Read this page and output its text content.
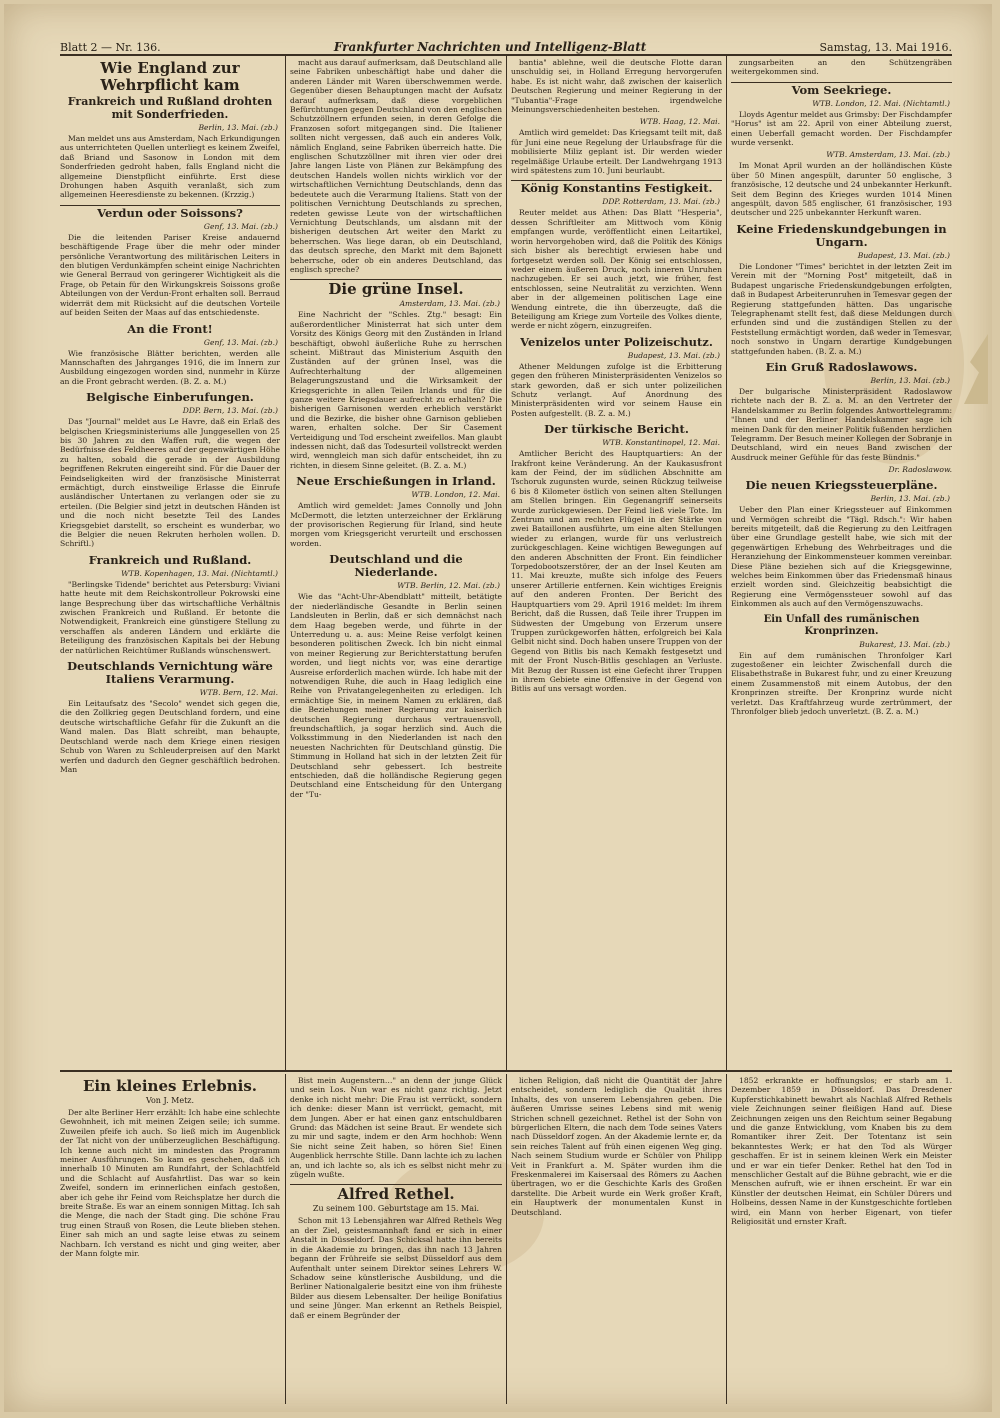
Blatt 2 — Nr. 136.	Frankfurter Nachrichten und Intelligenz-Blatt	Samstag, 13. Mai 1916.
Wie England zur Wehrpflicht kam
Frankreich und Rußland drohten mit Sonderfrieden.
Berlin, 13. Mai. (zb.)

Man meldet uns aus Amsterdam, Nach Erkundigungen aus unterrichteten Quellen unterliegt es keinem Zweifel, daß Briand und Sasonow in London mit dem Sonderfrieden gedroht haben, falls England nicht die allgemeine Dienstpflicht einführte. Erst diese Drohungen haben Asquith veranlaßt, sich zum allgemeinen Heeresdienste zu bekennen. (Krzzig.)

Verdun oder Soissons?
Genf, 13. Mai. (zb.)

Die die leitenden Pariser Kreise andauernd beschäftigende Frage über die mehr oder minder persönliche Verantwortung des militärischen Leiters in den blutigen Verdunkämpfen scheint einige Nachrichten wie General Berraud von geringerer Wichtigkeit als die Frage, ob Petain für den Wirkungskreis Soissons große Abteilungen von der Verdun-Front erhalten soll. Berraud widerrät dem mit Rücksicht auf die deutschen Vorteile auf beiden Seiten der Maas auf das entschiedenste.

An die Front!
Genf, 13. Mai. (zb.)

Wie französische Blätter berichten, werden alle Mannschaften des Jahrganges 1916, die im Innern zur Ausbildung eingezogen worden sind, nunmehr in Kürze an die Front gebracht werden. (B. Z. a. M.)

Belgische Einberufungen.
DDP. Bern, 13. Mai. (zb.)

Das "Journal" meldet aus Le Havre, daß ein Erlaß des belgischen Kriegsministeriums alle Junggesellen von 25 bis 30 Jahren zu den Waffen ruft, die wegen der Bedürfnisse des Feldheeres auf der gegenwärtigen Höhe zu halten, sobald die gerade in der Ausbildung begriffenen Rekruten eingereiht sind. Für die Dauer der Feindseligkeiten wird der französische Ministerrat ermächtigt, durch einstweilige Erlasse die Einrufe ausländischer Untertanen zu verlangen oder sie zu erteilen. (Die Belgier sind jetzt in deutschen Händen ist und die noch nicht besetzte Teil des Landes Kriegsgebiet darstellt, so erscheint es wunderbar, wo die Belgier die neuen Rekruten herholen wollen. D. Schriftl.)

Frankreich und Rußland.
WTB. Kopenhagen, 13. Mai. (Nichtamtl.)

"Berlingske Tidende" berichtet aus Petersburg: Viviani hatte heute mit dem Reichskontrolleur Pokrowski eine lange Besprechung über das wirtschaftliche Verhältnis zwischen Frankreich und Rußland. Er betonte die Notwendigkeit, Frankreich eine günstigere Stellung zu verschaffen als anderen Ländern und erklärte die Beteiligung des französischen Kapitals bei der Hebung der natürlichen Reichtümer Rußlands wünschenswert.

Deutschlands Vernichtung wäre Italiens Verarmung.
WTB. Bern, 12. Mai.

Ein Leitaufsatz des "Secolo" wendet sich gegen die, die den Zollkrieg gegen Deutschland fordern, und eine deutsche wirtschaftliche Gefahr für die Zukunft an die Wand malen. Das Blatt schreibt, man behaupte, Deutschland werde nach dem Kriege einen riesigen Schub von Waren zu Schleuderpreisen auf den Markt werfen und dadurch den Gegner geschäftlich bedrohen. Man

macht aus darauf aufmerksam, daß Deutschland alle seine Fabriken unbeschäftigt habe und daher die anderen Länder mit Waren überschwemmen werde. Gegenüber diesen Behauptungen macht der Aufsatz darauf aufmerksam, daß diese vorgeblichen Befürchtungen gegen Deutschland von den englischen Schutzzöllnern erfunden seien, in deren Gefolge die Franzosen sofort mitgegangen sind. Die Italiener sollten nicht vergessen, daß auch ein anderes Volk, nämlich England, seine Fabriken überreich hatte. Die englischen Schutzzöllner mit ihren vier oder drei Jahre langen Liste von Plänen zur Bekämpfung des deutschen Handels wollen nichts wirklich vor der wirtschaftlichen Vernichtung Deutschlands, denn das bedeutete auch die Verarmung Italiens. Statt von der politischen Vernichtung Deutschlands zu sprechen, redeten gewisse Leute von der wirtschaftlichen Vernichtung Deutschlands, um alsdann mit der bisherigen deutschen Art weiter den Markt zu beherrschen. Was liege daran, ob ein Deutschland, das deutsch spreche, den Markt mit dem Bajonett beherrsche, oder ob ein anderes Deutschland, das englisch spreche?

Die grüne Insel.
Amsterdam, 13. Mai. (zb.)

Eine Nachricht der "Schles. Ztg." besagt: Ein außerordentlicher Ministerrat hat sich unter dem Vorsitz des Königs Georg mit den Zuständen in Irland beschäftigt, obwohl äußerliche Ruhe zu herrschen scheint. Mißtraut das Ministerium Asquith den Zuständen auf der grünen Insel, was die Aufrechterhaltung der allgemeinen Belagerungszustand und die Wirksamkeit der Kriegsgerichte in allen Teilen Irlands und für die ganze weitere Kriegsdauer aufrecht zu erhalten? Die bisherigen Garnisonen werden erheblich verstärkt und die Bezirke, die bisher ohne Garnison geblieben waren, erhalten solche. Der Sir Casement Verteidigung und Tod erscheint zweifellos. Man glaubt indessen nicht, daß das Todesurteil vollstreckt werden wird, wenngleich man sich dafür entscheidet, ihn zu richten, in diesem Sinne geleitet. (B. Z. a. M.)

Neue Erschießungen in Irland.
WTB. London, 12. Mai.

Amtlich wird gemeldet: James Connolly und John McDermott, die letzten unterzeichner der Erklärung der provisorischen Regierung für Irland, sind heute morgen vom Kriegsgericht verurteilt und erschossen worden.

Deutschland und die Niederlande.
WTB. Berlin, 12. Mai. (zb.)

Wie das "Acht-Uhr-Abendblatt" mitteilt, betätigte der niederländische Gesandte in Berlin seinen Landsleuten in Berlin, daß er sich demnächst nach dem Haag begeben werde, und führte in der Unterredung u. a. aus: Meine Reise verfolgt keinen besonderen politischen Zweck. Ich bin nicht einmal von meiner Regierung zur Berichterstattung berufen worden, und liegt nichts vor, was eine derartige Ausreise erforderlich machen würde. Ich habe mit der notwendigen Ruhe, die auch in Haag lediglich eine Reihe von Privatangelegenheiten zu erledigen. Ich ermächtige Sie, in meinem Namen zu erklären, daß die Beziehungen meiner Regierung zur kaiserlich deutschen Regierung durchaus vertrauensvoll, freundschaftlich, ja sogar herzlich sind. Auch die Volksstimmung in den Niederlanden ist nach den neuesten Nachrichten für Deutschland günstig. Die Stimmung in Holland hat sich in der letzten Zeit für Deutschland sehr gebessert. Ich bestreite entschieden, daß die holländische Regierung gegen Deutschland eine Entscheidung für den Untergang der "Tu-

bantia" ablehne, weil die deutsche Flotte daran unschuldig sei, in Holland Erregung hervorgerufen habe. Es ist nicht wahr, daß zwischen der kaiserlich Deutschen Regierung und meiner Regierung in der "Tubantia"-Frage irgendwelche Meinungsverschiedenheiten bestehen.

WTB. Haag, 12. Mai.

Amtlich wird gemeldet: Das Kriegsamt teilt mit, daß für Juni eine neue Regelung der Urlaubsfrage für die mobilisierte Miliz geplant ist. Dir werden wieder regelmäßige Urlaube erteilt. Der Landwehrgang 1913 wird spätestens zum 10. Juni beurlaubt.

König Konstantins Festigkeit.
DDP. Rotterdam, 13. Mai. (zb.)

Reuter meldet aus Athen: Das Blatt "Hesperia", dessen Schriftleiter am Mittwoch vom König empfangen wurde, veröffentlicht einen Leitartikel, worin hervorgehoben wird, daß die Politik des Königs sich bisher als berechtigt erwiesen habe und fortgesetzt werden soll. Der König sei entschlossen, weder einem äußeren Druck, noch inneren Unruhen nachzugeben. Er sei auch jetzt, wie früher, fest entschlossen, seine Neutralität zu verzichten. Wenn aber in der allgemeinen politischen Lage eine Wendung eintrete, die ihn überzeugte, daß die Beteiligung am Kriege zum Vorteile des Volkes diente, werde er nicht zögern, einzugreifen.

Venizelos unter Polizeischutz.
Budapest, 13. Mai. (zb.)

Athener Meldungen zufolge ist die Erbitterung gegen den früheren Ministerpräsidenten Venizelos so stark geworden, daß er sich unter polizeilichen Schutz verlangt. Auf Anordnung des Ministerpräsidenten wird vor seinem Hause ein Posten aufgestellt. (B. Z. a. M.)

Der türkische Bericht.
WTB. Konstantinopel, 12. Mai.

Amtlicher Bericht des Hauptquartiers: An der Irakfront keine Veränderung. An der Kaukasusfront kam der Feind, der im südlichen Abschnitte am Tschoruk zugunsten wurde, seinen Rückzug teilweise 6 bis 8 Kilometer östlich von seinen alten Stellungen am Stellen bringen. Ein Gegenangriff seinerseits wurde zurückgewiesen. Der Feind ließ viele Tote. Im Zentrum und am rechten Flügel in der Stärke von zwei Bataillonen ausführte, um eine alten Stellungen wieder zu erlangen, wurde für uns verlustreich zurückgeschlagen. Keine wichtigen Bewegungen auf den anderen Abschnitten der Front. Ein feindlicher Torpedobootszerstörer, der an der Insel Keuten am 11. Mai kreuzte, mußte sich infolge des Feuers unserer Artillerie entfernen. Kein wichtiges Ereignis auf den anderen Fronten. Der Bericht des Hauptquartiers vom 29. April 1916 meldet: Im ihrem Bericht, daß die Russen, daß Teile ihrer Truppen im Südwesten der Umgebung von Erzerum unsere Truppen zurückgeworfen hätten, erfolgreich bei Kala Gelbit nicht sind. Doch haben unsere Truppen von der Gegend von Bitlis bis nach Kemakh festgesetzt und mit der Front Nusch-Bitlis geschlagen an Verluste. Mit Bezug der Russen ist eine Gefecht ihrer Truppen in ihrem Gebiete eine Offensive in der Gegend von Bitlis auf uns versagt worden.

zungsarbeiten an den Schützengräben weitergekommen sind.

Vom Seekriege.
WTB. London, 12. Mai. (Nichtamtl.)

Lloyds Agentur meldet aus Grimsby: Der Fischdampfer "Horus" ist am 22. April von einer Abteilung zuerst, einen Ueberfall gemacht worden. Der Fischdampfer wurde versenkt.

WTB. Amsterdam, 13. Mai. (zb.)

Im Monat April wurden an der holländischen Küste über 50 Minen angespült, darunter 50 englische, 3 französische, 12 deutsche und 24 unbekannter Herkunft. Seit dem Beginn des Krieges wurden 1014 Minen angespült, davon 585 englischer, 61 französischer, 193 deutscher und 225 unbekannter Herkunft waren.

Keine Friedenskundgebungen in Ungarn.
Budapest, 13. Mai. (zb.)

Die Londoner "Times" berichtet in der letzten Zeit im Verein mit der "Morning Post" mitgeteilt, daß in Budapest ungarische Friedenskundgebungen erfolgten, daß in Budapest Arbeiterunruhen in Temesvar gegen der Regierung stattgefunden hätten. Das ungarische Telegraphenamt stellt fest, daß diese Meldungen durch erfunden sind und die zuständigen Stellen zu der Feststellung ermächtigt worden, daß weder in Temesvar, noch sonstwo in Ungarn derartige Kundgebungen stattgefunden haben. (B. Z. a. M.)

Ein Gruß Radoslawows.
Berlin, 13. Mai. (zb.)

Der bulgarische Ministerpräsident Radoslawow richtete nach der B. Z. a. M. an den Vertreter der Handelskammer zu Berlin folgendes Antworttelegramm: "Ihnen und der Berliner Handelskammer sage ich meinen Dank für den meiner Politik fußenden herzlichen Telegramm. Der Besuch meiner Kollegen der Sobranje in Deutschland, wird ein neues Band zwischen der Ausdruck meiner Gefühle für das feste Bündnis."

Dr. Radoslawow.
Die neuen Kriegssteuerpläne.
Berlin, 13. Mai. (zb.)

Ueber den Plan einer Kriegssteuer auf Einkommen und Vermögen schreibt die "Tägl. Rdsch.": Wir haben bereits mitgeteilt, daß die Regierung zu den Leitfragen über eine Grundlage gestellt habe, wie sich mit der gegenwärtigen Erhebung des Wehrbeitrages und die Heranziehung der Einkommensteuer kommen vereinbar. Diese Pläne beziehen sich auf die Kriegsgewinne, welches beim Einkommen über das Friedensmaß hinaus erzielt worden sind. Gleichzeitig beabsichtigt die Regierung eine Vermögenssteuer sowohl auf das Einkommen als auch auf den Vermögenszuwachs.

Ein Unfall des rumänischen Kronprinzen.
Bukarest, 13. Mai. (zb.)

Ein auf dem rumänischen Thronfolger Karl zugestoßener ein leichter Zwischenfall durch die Elisabethstraße in Bukarest fuhr, und zu einer Kreuzung einem Zusammenstoß mit einem Autobus, der den Kronprinzen streifte. Der Kronprinz wurde nicht verletzt. Das Kraftfahrzeug wurde zertrümmert, der Thronfolger blieb jedoch unverletzt. (B. Z. a. M.)

Ein kleines Erlebnis.
Von J. Metz.

Der alte Berliner Herr erzählt: Ich habe eine schlechte Gewohnheit, ich mit meinen Zeigen seile; ich summe. Zuweilen pfeife ich auch. So ließ mich im Augenblick der Tat nicht von der unüberzeuglichen Beschäftigung. Ich kenne auch nicht im mindesten das Programm meiner Ausführungen. So kam es geschehen, daß ich innerhalb 10 Minuten am Rundfahrt, der Schlachtfeld und die Schlacht auf Ausfahrtlist. Das war so kein Zweifel, sondern im erinnerlichen einfach gestoßen, aber ich gehe ihr Feind vom Reichsplatze her durch die breite Straße. Es war an einem sonnigen Mittag. Ich sah die Menge, die nach der Stadt ging. Die schöne Frau trug einen Strauß von Rosen, die Leute blieben stehen. Einer sah mich an und sagte leise etwas zu seinem Nachbarn. Ich verstand es nicht und ging weiter, aber der Mann folgte mir.

Bist mein Augenstern…" an denn der junge Glück und sein Los. Nun war es nicht ganz richtig. Jetzt denke ich nicht mehr: Die Frau ist verrückt, sondern ich denke: dieser Mann ist verrückt, gemacht, mit dem Jungen. Aber er hat einen ganz entschuldbaren Grund: das Mädchen ist seine Braut. Er wendete sich zu mir und sagte, indem er den Arm hochhob: Wenn Sie nicht seine Zeit haben, so hören Sie! Einen Augenblick herrschte Stille. Dann lachte ich zu lachen an, und ich lachte so, als ich es selbst nicht mehr zu zügeln wußte.

Alfred Rethel.
Zu seinem 100. Geburtstage am 15. Mai.

Schon mit 13 Lebensjahren war Alfred Rethels Weg an der Ziel, geistesmannhaft fand er sich in einer Anstalt in Düsseldorf. Das Schicksal hatte ihn bereits in die Akademie zu bringen, das ihn nach 13 Jahren begann der Frühreife sie selbst Düsseldorf aus dem Aufenthalt unter seinem Direktor seines Lehrers W. Schadow seine künstlerische Ausbildung, und die Berliner Nationalgalerie besitzt eine von ihm früheste Bilder aus diesem Lebensalter. Der heilige Bonifatius und seine Jünger. Man erkennt an Rethels Beispiel, daß er einem Begründer der

lichen Religion, daß nicht die Quantität der Jahre entscheidet, sondern lediglich die Qualität ihres Inhalts, des von unserem Lebensjahren geben. Die äußeren Umrisse seines Lebens sind mit wenig Strichen schnell gezeichnet. Rethel ist der Sohn von bürgerlichen Eltern, die nach dem Tode seines Vaters nach Düsseldorf zogen. An der Akademie lernte er, da sein reiches Talent auf früh einen eigenen Weg ging. Nach seinem Studium wurde er Schüler von Philipp Veit in Frankfurt a. M. Später wurden ihm die Freskenmalerei im Kaisersaal des Römers zu Aachen übertragen, wo er die Geschichte Karls des Großen darstellte. Die Arbeit wurde ein Werk großer Kraft, ein Hauptwerk der monumentalen Kunst in Deutschland.

1852 erkrankte er hoffnungslos; er starb am 1. Dezember 1859 in Düsseldorf. Das Dresdener Kupferstichkabinett bewahrt als Nachlaß Alfred Rethels viele Zeichnungen seiner fleißigen Hand auf. Diese Zeichnungen zeigen uns den Reichtum seiner Begabung und die ganze Entwicklung, vom Knaben bis zu dem Romantiker ihrer Zeit. Der Totentanz ist sein bekanntestes Werk; er hat den Tod als Würger geschaffen. Er ist in seinem kleinen Werk ein Meister und er war ein tiefer Denker. Rethel hat den Tod in menschlicher Gestalt auf die Bühne gebracht, wie er die Menschen aufruft, wie er ihnen erscheint. Er war ein Künstler der deutschen Heimat, ein Schüler Dürers und Holbeins, dessen Name in der Kunstgeschichte fortleben wird, ein Mann von herber Eigenart, von tiefer Religiosität und ernster Kraft.
